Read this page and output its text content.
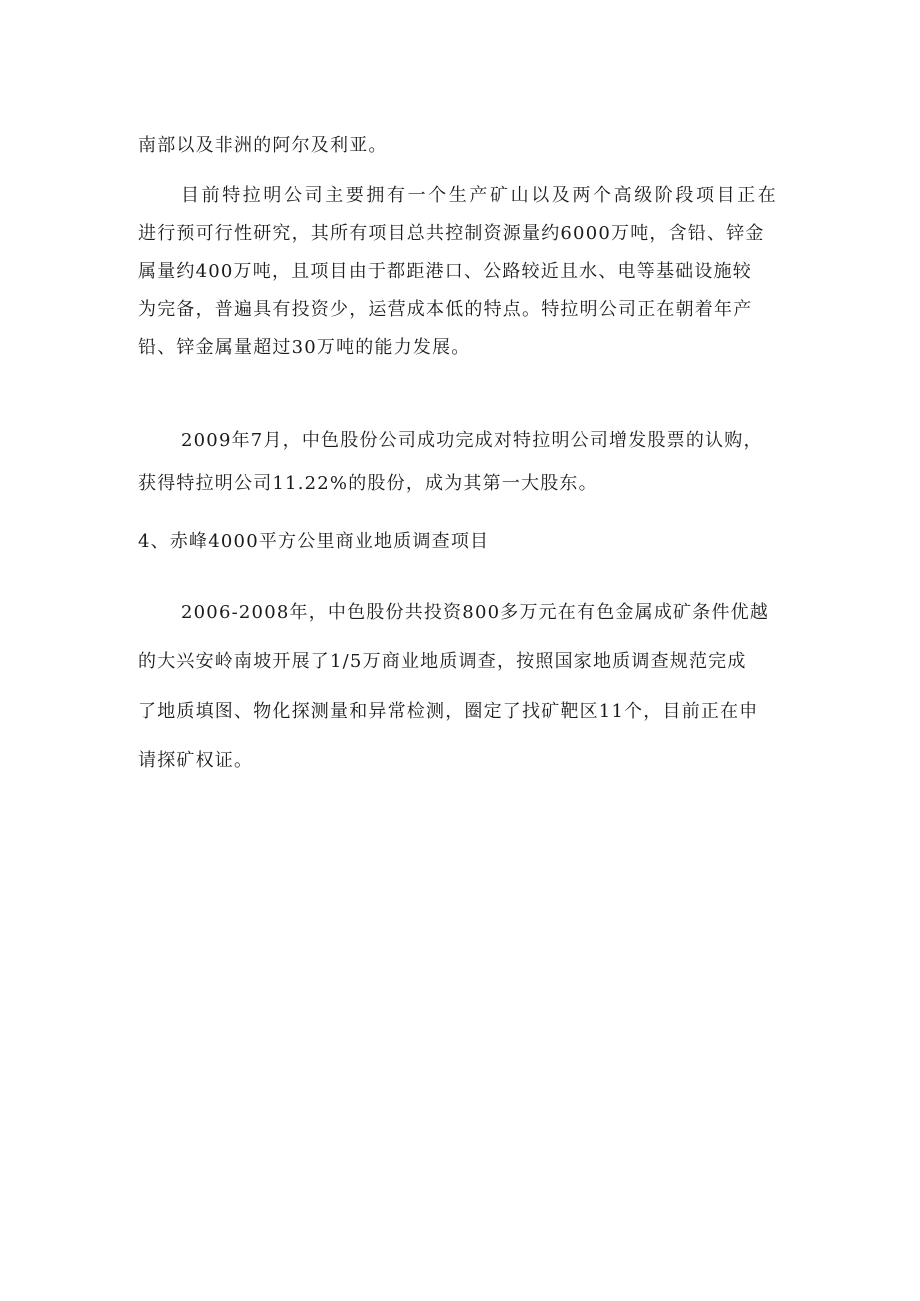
南部以及非洲的阿尔及利亚。
目前特拉明公司主要拥有一个生产矿山以及两个高级阶段项目正在
进行预可行性研究，其所有项目总共控制资源量约6000万吨，含铅、锌金
属量约400万吨，且项目由于都距港口、公路较近且水、电等基础设施较
为完备，普遍具有投资少，运营成本低的特点。特拉明公司正在朝着年产
铅、锌金属量超过30万吨的能力发展。
2009年7月，中色股份公司成功完成对特拉明公司增发股票的认购，
获得特拉明公司11.22%的股份，成为其第一大股东。
4、赤峰4000平方公里商业地质调查项目
2006-2008年，中色股份共投资800多万元在有色金属成矿条件优越
的大兴安岭南坡开展了1/5万商业地质调查，按照国家地质调查规范完成
了地质填图、物化探测量和异常检测，圈定了找矿靶区11个，目前正在申
请探矿权证。
